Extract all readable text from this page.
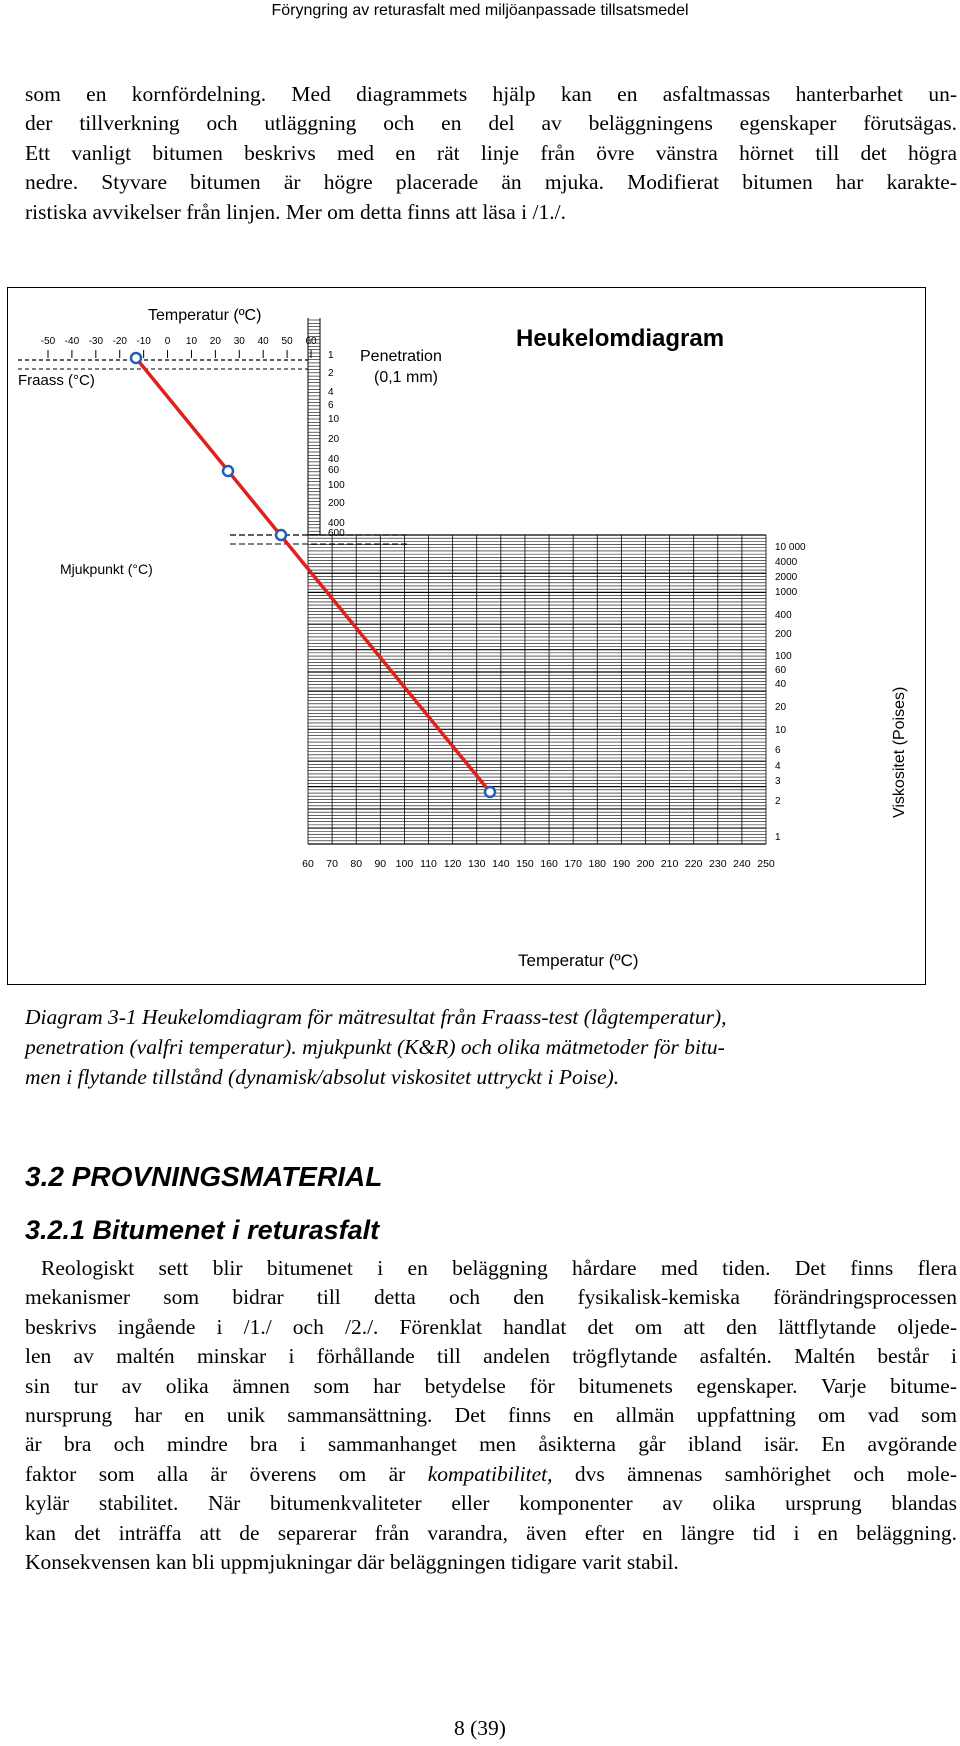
Föryngring av returasfalt med miljöanpassade tillsatsmedel

som en kornfördelning. Med diagrammets hjälp kan en asfaltmassas hanterbarhet un-
der tillverkning och utläggning och en del av beläggningens egenskaper förutsägas.
Ett vanligt bitumen beskrivs med en rät linje från övre vänstra hörnet till det högra
nedre. Styvare bitumen är högre placerade än mjuka. Modifierat bitumen har karakte-
ristiska avvikelser från linjen. Mer om detta finns att läsa i /1./.

Heukelomdiagram
Temperatur (ºC)
-50 -40 -30 -20 -10 0 10 20 30 40 50 60
Fraass (°C)
Penetration
(0,1 mm)
1
2
4
6
10
20
40
60
100
200
400
600
Mjukpunkt (°C)
10 000
4000
2000
1000
400
200
100
60
40
20
10
6
4
3
2
1
Viskositet (Poises)
60 70 80 90 100 110 120 130 140 150 160 170 180 190 200 210 220 230 240 250
Temperatur (ºC)

Diagram 3-1 Heukelomdiagram för mätresultat från Fraass-test (lågtemperatur),
penetration (valfri temperatur). mjukpunkt (K&R) och olika mätmetoder för bitu-
men i flytande tillstånd (dynamisk/absolut viskositet uttryckt i Poise).

3.2 PROVNINGSMATERIAL
3.2.1 Bitumenet i returasfalt

Reologiskt sett blir bitumenet i en beläggning hårdare med tiden. Det finns flera
mekanismer som bidrar till detta och den fysikalisk-kemiska förändringsprocessen
beskrivs ingående i /1./ och /2./. Förenklat handlat det om att den lättflytande oljede-
len av maltén minskar i förhållande till andelen trögflytande asfaltén. Maltén består i
sin tur av olika ämnen som har betydelse för bitumenets egenskaper. Varje bitume-
nursprung har en unik sammansättning. Det finns en allmän uppfattning om vad som
är bra och mindre bra i sammanhanget men åsikterna går ibland isär. En avgörande
faktor som alla är överens om är kompatibilitet, dvs ämnenas samhörighet och mole-
kylär stabilitet. När bitumenkvaliteter eller komponenter av olika ursprung blandas
kan det inträffa att de separerar från varandra, även efter en längre tid i en beläggning.
Konsekvensen kan bli uppmjukningar där beläggningen tidigare varit stabil.

8 (39)
